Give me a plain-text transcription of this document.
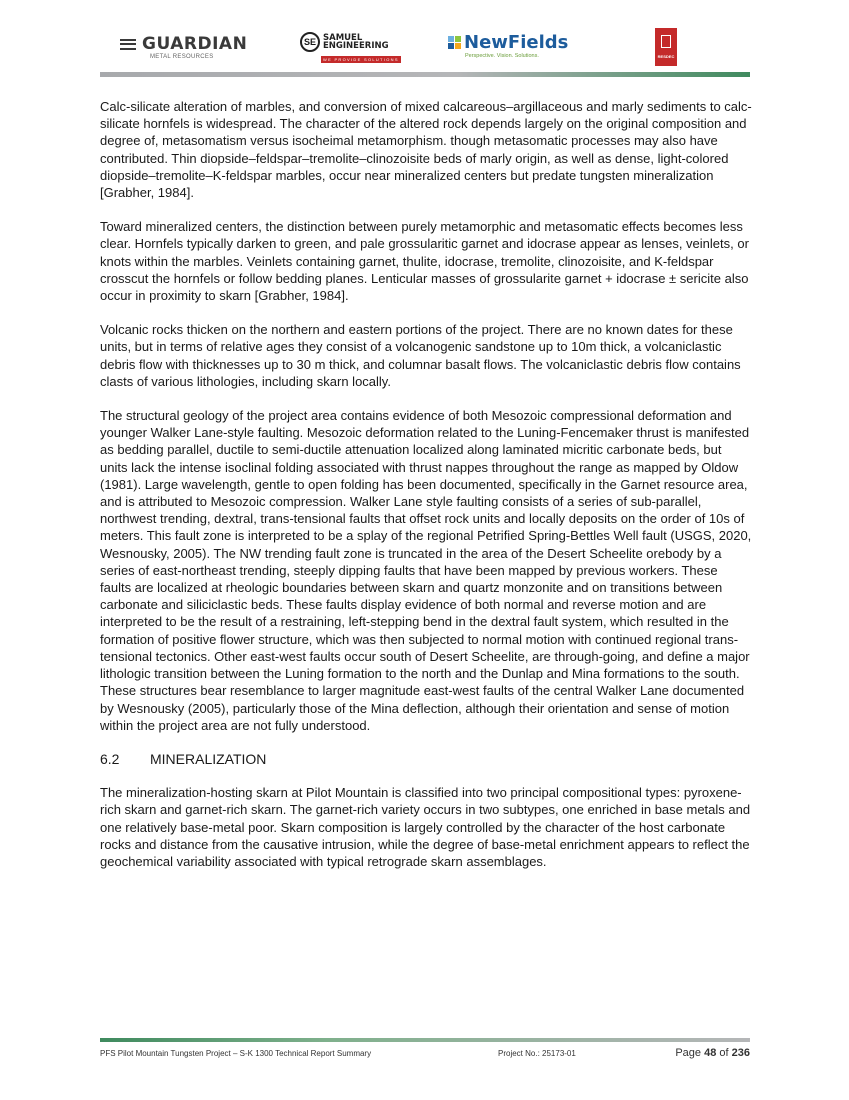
GUARDIAN
METAL RESOURCES
SE SAMUEL
ENGINEERING
WE PROVIDE SOLUTIONS
NewFields
Perspective. Vision. Solutions.	RESDEC

Calc-silicate alteration of marbles, and conversion of mixed calcareous–argillaceous and marly sediments to calc-silicate hornfels is widespread. The character of the altered rock depends largely on the original composition and degree of, metasomatism versus isocheimal metamorphism. though metasomatic processes may also have contributed. Thin diopside–feldspar–tremolite–clinozoisite beds of marly origin, as well as dense, light-colored diopside–tremolite–K-feldspar marbles, occur near mineralized centers but predate tungsten mineralization [Grabher, 1984].

Toward mineralized centers, the distinction between purely metamorphic and metasomatic effects becomes less clear. Hornfels typically darken to green, and pale grossularitic garnet and idocrase appear as lenses, veinlets, or knots within the marbles. Veinlets containing garnet, thulite, idocrase, tremolite, clinozoisite, and K-feldspar crosscut the hornfels or follow bedding planes. Lenticular masses of grossularite garnet + idocrase ± sericite also occur in proximity to skarn [Grabher, 1984].

Volcanic rocks thicken on the northern and eastern portions of the project. There are no known dates for these units, but in terms of relative ages they consist of a volcanogenic sandstone up to 10m thick, a volcaniclastic debris flow with thicknesses up to 30 m thick, and columnar basalt flows. The volcaniclastic debris flow contains clasts of various lithologies, including skarn locally.

The structural geology of the project area contains evidence of both Mesozoic compressional deformation and younger Walker Lane-style faulting. Mesozoic deformation related to the Luning-Fencemaker thrust is manifested as bedding parallel, ductile to semi-ductile attenuation localized along laminated micritic carbonate beds, but units lack the intense isoclinal folding associated with thrust nappes throughout the range as mapped by Oldow (1981). Large wavelength, gentle to open folding has been documented, specifically in the Garnet resource area, and is attributed to Mesozoic compression. Walker Lane style faulting consists of a series of sub-parallel, northwest trending, dextral, trans-tensional faults that offset rock units and locally deposits on the order of 10s of meters. This fault zone is interpreted to be a splay of the regional Petrified Spring-Bettles Well fault (USGS, 2020, Wesnousky, 2005). The NW trending fault zone is truncated in the area of the Desert Scheelite orebody by a series of east-northeast trending, steeply dipping faults that have been mapped by previous workers. These faults are localized at rheologic boundaries between skarn and quartz monzonite and on transitions between carbonate and siliciclastic beds. These faults display evidence of both normal and reverse motion and are interpreted to be the result of a restraining, left-stepping bend in the dextral fault system, which resulted in the formation of positive flower structure, which was then subjected to normal motion with continued regional trans-tensional tectonics. Other east-west faults occur south of Desert Scheelite, are through-going, and define a major lithologic transition between the Luning formation to the north and the Dunlap and Mina formations to the south. These structures bear resemblance to larger magnitude east-west faults of the central Walker Lane documented by Wesnousky (2005), particularly those of the Mina deflection, although their orientation and sense of motion within the project area are not fully understood.

6.2	MINERALIZATION

The mineralization-hosting skarn at Pilot Mountain is classified into two principal compositional types: pyroxene-rich skarn and garnet-rich skarn. The garnet-rich variety occurs in two subtypes, one enriched in base metals and one relatively base-metal poor. Skarn composition is largely controlled by the character of the host carbonate rocks and distance from the causative intrusion, while the degree of base-metal enrichment appears to reflect the geochemical variability associated with typical retrograde skarn assemblages.

PFS Pilot Mountain Tungsten Project – S-K 1300 Technical Report Summary	Project No.: 25173-01	Page 48 of 236
